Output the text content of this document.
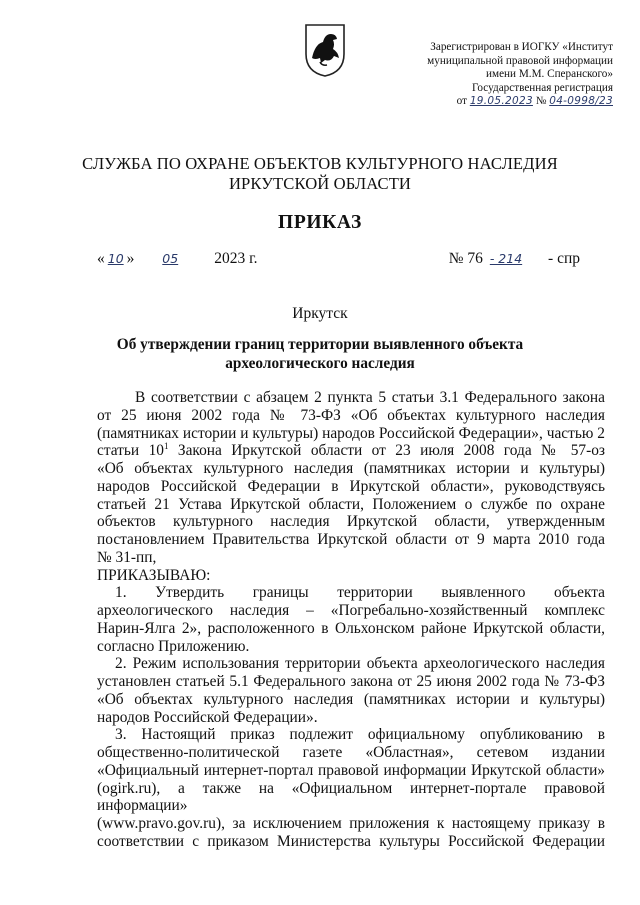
Зарегистрирован в ИОГКУ «Институт
муниципальной правовой информации
имени М.М. Сперанского»
Государственная регистрация
от 19.05.2023 № 04-0998/23
СЛУЖБА ПО ОХРАНЕ ОБЪЕКТОВ КУЛЬТУРНОГО НАСЛЕДИЯ
ИРКУТСКОЙ ОБЛАСТИ
ПРИКАЗ
« 10 » 05 2023 г.	№ 76 - 214 - спр
Иркутск
Об утверждении границ территории выявленного объекта
археологического наследия

В соответствии с абзацем 2 пункта 5 статьи 3.1 Федерального закона

от 25 июня 2002 года № 73-ФЗ «Об объектах культурного наследия

(памятниках истории и культуры) народов Российской Федерации», частью 2

статьи $10^1$ Закона Иркутской области от 23 июля 2008 года № 57-оз

«Об объектах культурного наследия (памятниках истории и культуры)

народов Российской Федерации в Иркутской области», руководствуясь

статьей 21 Устава Иркутской области, Положением о службе по охране

объектов культурного наследия Иркутской области, утвержденным

постановлением Правительства Иркутской области от 9 марта 2010 года

№ 31-пп,

ПРИКАЗЫВАЮ:

1. Утвердить границы территории выявленного объекта

археологического наследия – «Погребально-хозяйственный комплекс

Нарин-Ялга 2», расположенного в Ольхонском районе Иркутской области,

согласно Приложению.

2. Режим использования территории объекта археологического наследия

установлен статьей 5.1 Федерального закона от 25 июня 2002 года № 73-ФЗ

«Об объектах культурного наследия (памятниках истории и культуры)

народов Российской Федерации».

3. Настоящий приказ подлежит официальному опубликованию в

общественно-политической газете «Областная», сетевом издании

«Официальный интернет-портал правовой информации Иркутской области»

(ogirk.ru), а также на «Официальном интернет-портале правовой информации»

(www.pravo.gov.ru), за исключением приложения к настоящему приказу в

соответствии с приказом Министерства культуры Российской Федерации
